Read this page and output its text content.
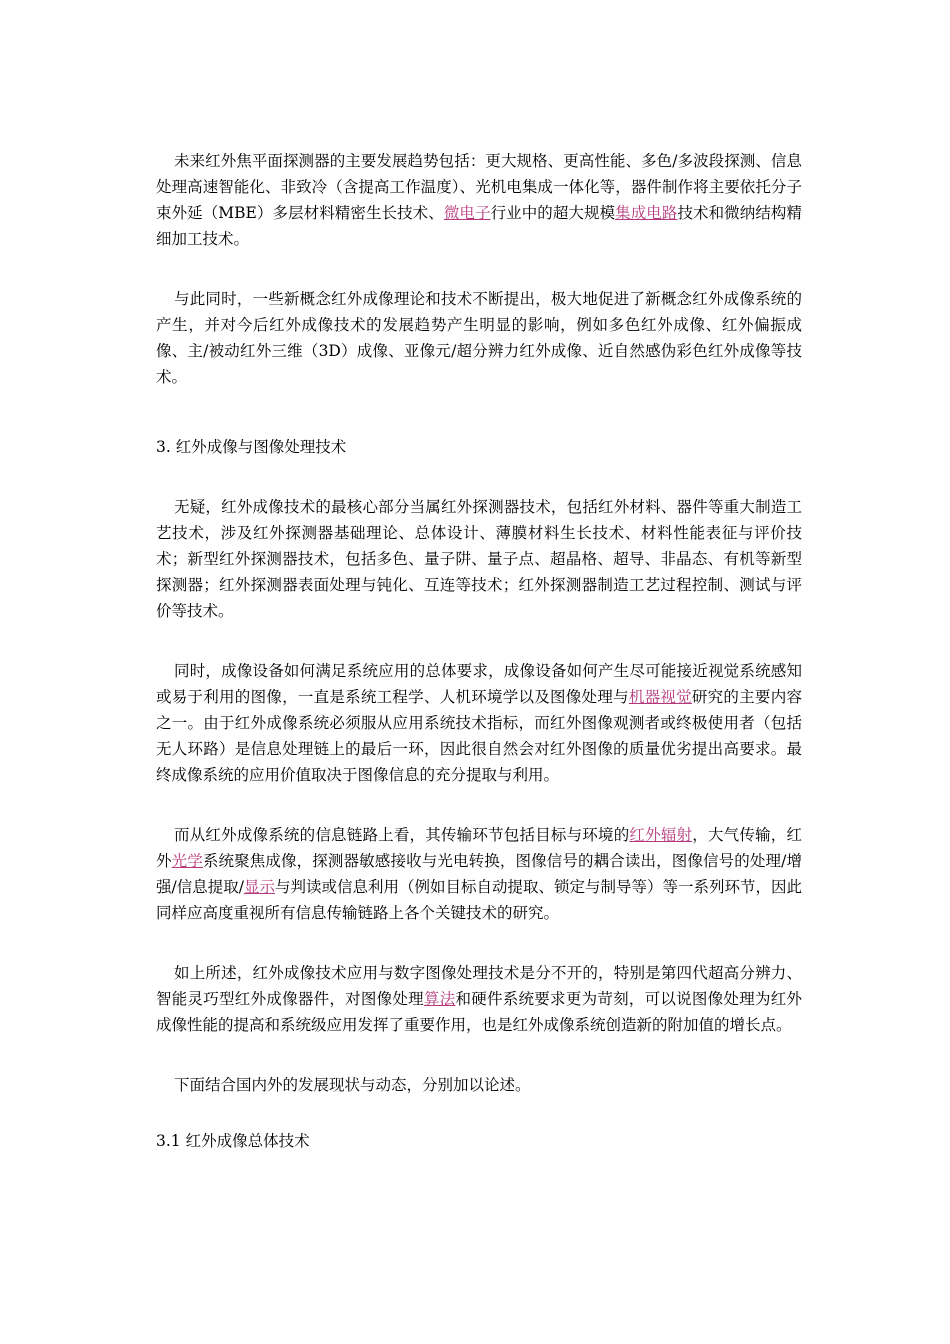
未来红外焦平面探测器的主要发展趋势包括：更大规格、更高性能、多色/多波段探测、信息处理高速智能化、非致冷（含提高工作温度）、光机电集成一体化等，器件制作将主要依托分子束外延（MBE）多层材料精密生长技术、微电子行业中的超大规模集成电路技术和微纳结构精细加工技术。

与此同时，一些新概念红外成像理论和技术不断提出，极大地促进了新概念红外成像系统的产生，并对今后红外成像技术的发展趋势产生明显的影响，例如多色红外成像、红外偏振成像、主/被动红外三维（3D）成像、亚像元/超分辨力红外成像、近自然感伪彩色红外成像等技术。

3. 红外成像与图像处理技术

无疑，红外成像技术的最核心部分当属红外探测器技术，包括红外材料、器件等重大制造工艺技术，涉及红外探测器基础理论、总体设计、薄膜材料生长技术、材料性能表征与评价技术；新型红外探测器技术，包括多色、量子阱、量子点、超晶格、超导、非晶态、有机等新型探测器；红外探测器表面处理与钝化、互连等技术；红外探测器制造工艺过程控制、测试与评价等技术。

同时，成像设备如何满足系统应用的总体要求，成像设备如何产生尽可能接近视觉系统感知或易于利用的图像，一直是系统工程学、人机环境学以及图像处理与机器视觉研究的主要内容之一。由于红外成像系统必须服从应用系统技术指标，而红外图像观测者或终极使用者（包括无人环路）是信息处理链上的最后一环，因此很自然会对红外图像的质量优劣提出高要求。最终成像系统的应用价值取决于图像信息的充分提取与利用。

而从红外成像系统的信息链路上看，其传输环节包括目标与环境的红外辐射，大气传输，红外光学系统聚焦成像，探测器敏感接收与光电转换，图像信号的耦合读出，图像信号的处理/增强/信息提取/显示与判读或信息利用（例如目标自动提取、锁定与制导等）等一系列环节，因此同样应高度重视所有信息传输链路上各个关键技术的研究。

如上所述，红外成像技术应用与数字图像处理技术是分不开的，特别是第四代超高分辨力、智能灵巧型红外成像器件，对图像处理算法和硬件系统要求更为苛刻，可以说图像处理为红外成像性能的提高和系统级应用发挥了重要作用，也是红外成像系统创造新的附加值的增长点。

下面结合国内外的发展现状与动态，分别加以论述。

3.1 红外成像总体技术
